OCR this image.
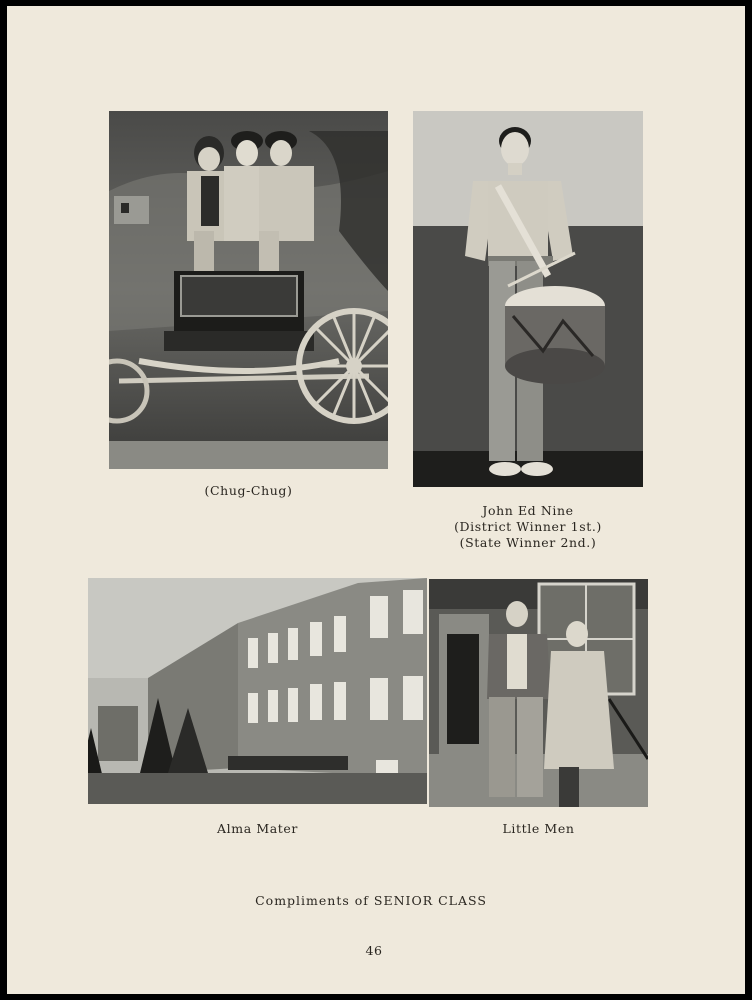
(Chug-Chug)
John Ed Nine
(District Winner 1st.)
(State Winner 2nd.)
Alma Mater	Little Men
Compliments of SENIOR CLASS
46
